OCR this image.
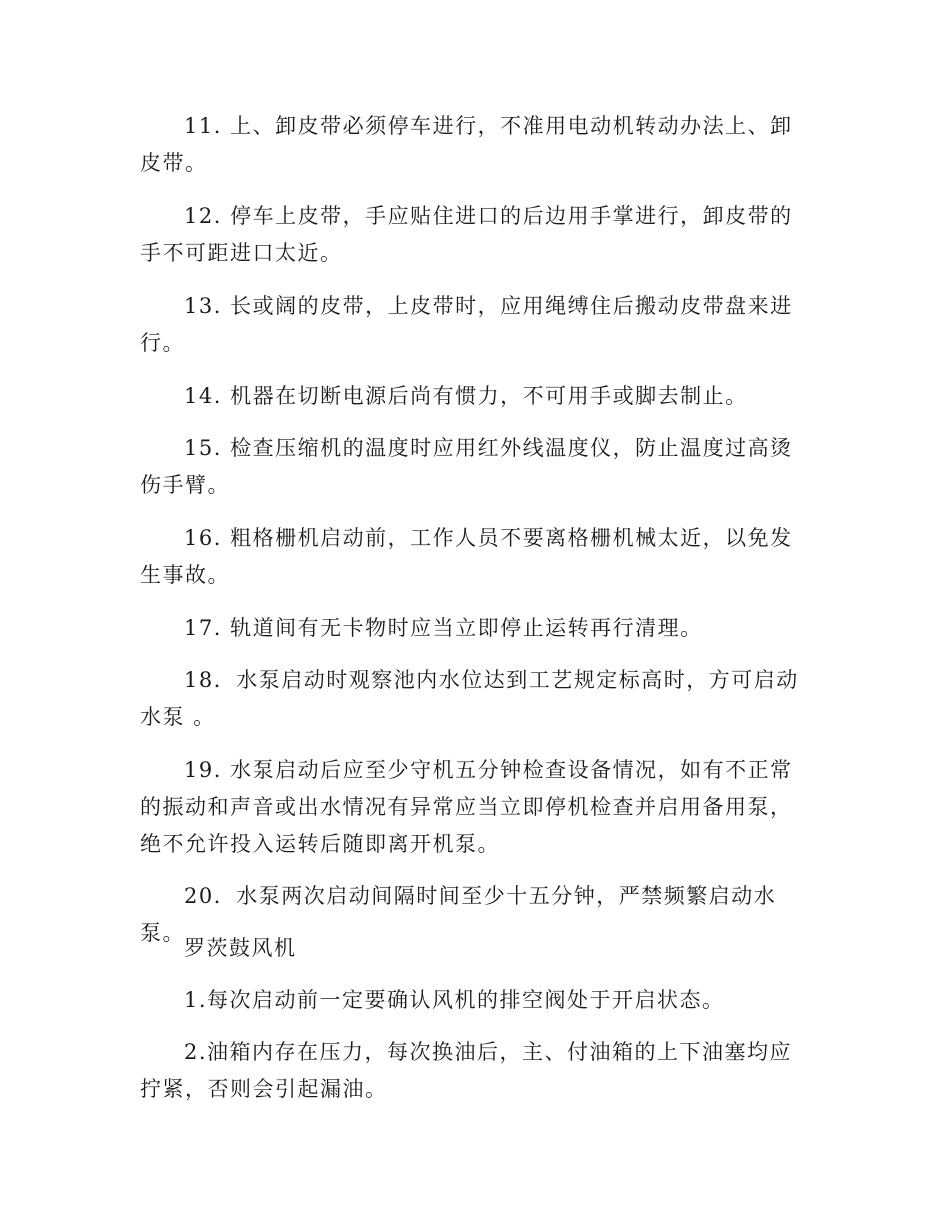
11. 上、卸皮带必须停车进行，不准用电动机转动办法上、卸皮带。

12. 停车上皮带，手应贴住进口的后边用手掌进行，卸皮带的手不可距进口太近。

13. 长或阔的皮带，上皮带时，应用绳缚住后搬动皮带盘来进行。

14. 机器在切断电源后尚有惯力，不可用手或脚去制止。

15. 检查压缩机的温度时应用红外线温度仪，防止温度过高烫伤手臂。

16. 粗格栅机启动前，工作人员不要离格栅机械太近，以免发生事故。

17. 轨道间有无卡物时应当立即停止运转再行清理。

18．水泵启动时观察池内水位达到工艺规定标高时，方可启动水泵 。

19. 水泵启动后应至少守机五分钟检查设备情况，如有不正常的振动和声音或出水情况有异常应当立即停机检查并启用备用泵，绝不允许投入运转后随即离开机泵。

20．水泵两次启动间隔时间至少十五分钟，严禁频繁启动水泵。

罗茨鼓风机

1.每次启动前一定要确认风机的排空阀处于开启状态。

2.油箱内存在压力，每次换油后，主、付油箱的上下油塞均应拧紧，否则会引起漏油。
